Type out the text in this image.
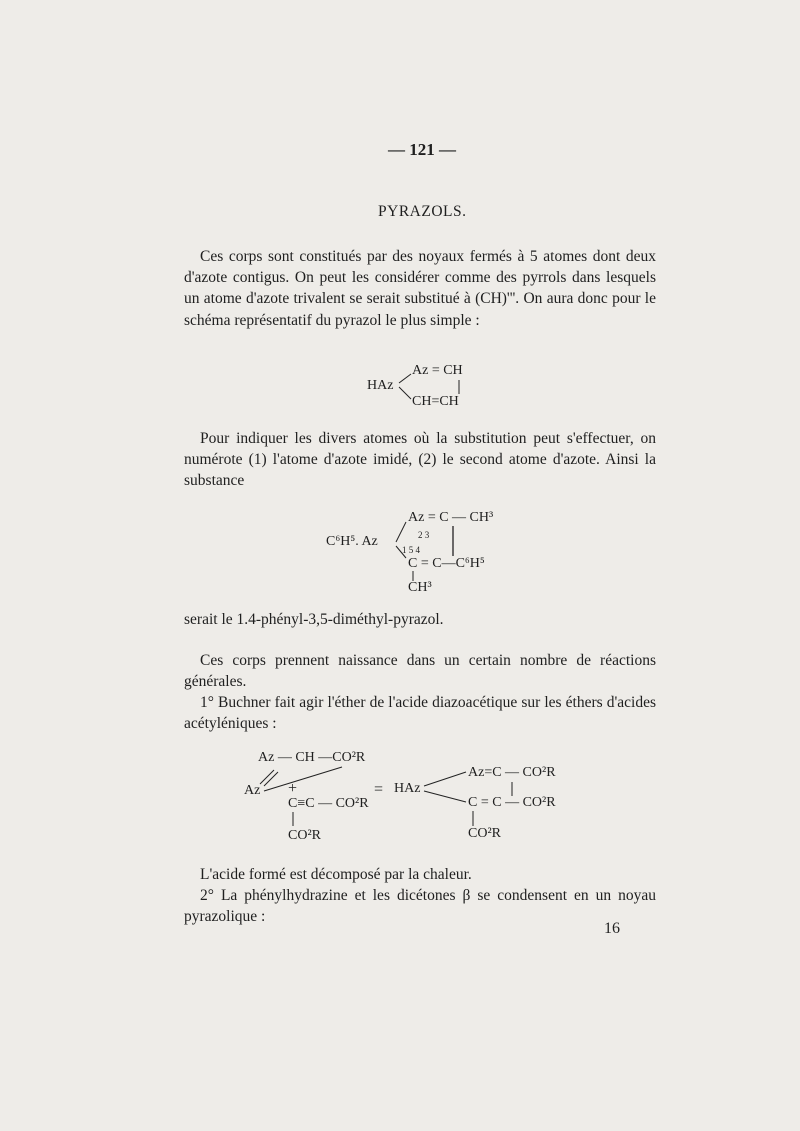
— 121 —
PYRAZOLS.
Ces corps sont constitués par des noyaux fermés à 5 atomes dont deux d'azote contigus. On peut les considérer comme des pyrrols dans lesquels un atome d'azote trivalent se serait substitué à (CH)'''. On aura donc pour le schéma représentatif du pyrazol le plus simple :
Az = CH
HAz
CH=CH
Pour indiquer les divers atomes où la substitution peut s'effectuer, on numérote (1) l'atome d'azote imidé, (2) le second atome d'azote. Ainsi la substance
C⁶H⁵. Az
Az = C — CH³
2 3
1 5 4
C = C—C⁶H⁵
CH³
serait le 1.4-phényl-3,5-diméthyl-pyrazol.
Ces corps prennent naissance dans un certain nombre de réactions générales.
1° Buchner fait agir l'éther de l'acide diazoacétique sur les éthers d'acides acétyléniques :
Az — CH —CO²R
Az +
C≡C — CO²R
CO²R
= HAz
Az=C — CO²R
C = C — CO²R
CO²R
L'acide formé est décomposé par la chaleur.
2° La phénylhydrazine et les dicétones β se condensent en un noyau pyrazolique :
16
